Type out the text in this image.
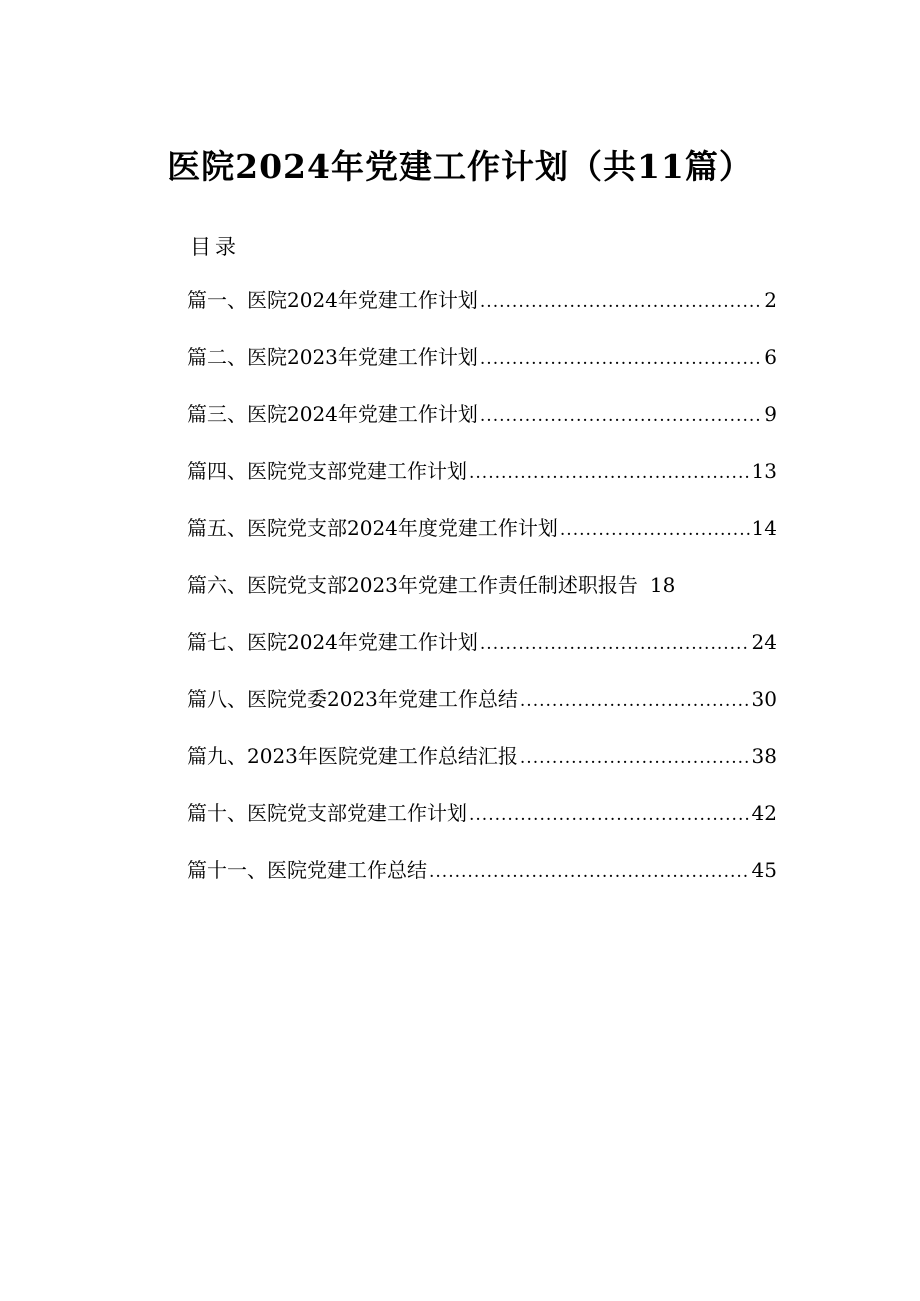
医院2024年党建工作计划（共11篇）
目录
篇一、医院2024年党建工作计划 .....	2
篇二、医院2023年党建工作计划 .....	6
篇三、医院2024年党建工作计划 .....	9
篇四、医院党支部党建工作计划 .....	13
篇五、医院党支部2024年度党建工作计划 .....	14
篇六、医院党支部2023年党建工作责任制述职报告 18
篇七、医院2024年党建工作计划 .....	24
篇八、医院党委2023年党建工作总结 .....	30
篇九、2023年医院党建工作总结汇报 .....	38
篇十、医院党支部党建工作计划 .....	42
篇十一、医院党建工作总结 .....	45
